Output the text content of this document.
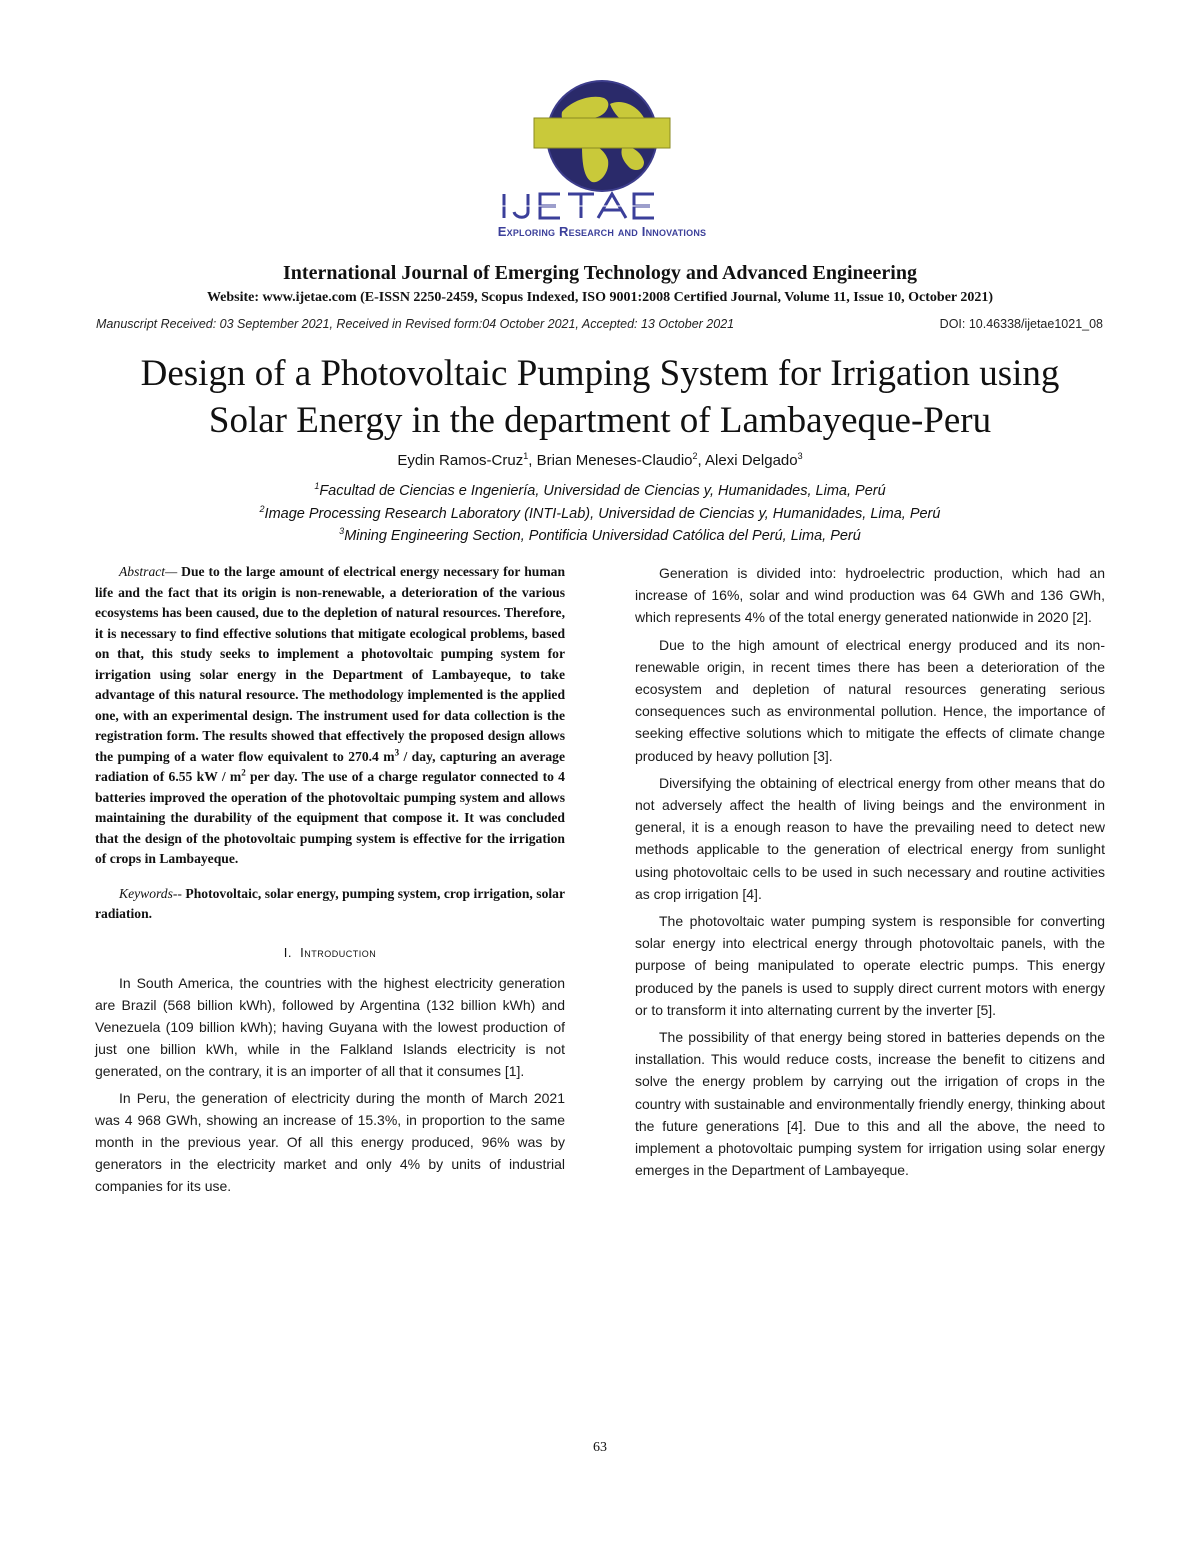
Exploring Research and Innovations
International Journal of Emerging Technology and Advanced Engineering
Website: www.ijetae.com (E-ISSN 2250-2459, Scopus Indexed, ISO 9001:2008 Certified Journal, Volume 11, Issue 10, October 2021)
Manuscript Received: 03 September 2021, Received in Revised form:04 October 2021, Accepted: 13 October 2021	DOI: 10.46338/ijetae1021_08
Design of a Photovoltaic Pumping System for Irrigation using
Solar Energy in the department of Lambayeque-Peru
Eydin Ramos-Cruz$^1$, Brian Meneses-Claudio$^2$, Alexi Delgado$^3$
$^1$Facultad de Ciencias e Ingeniería, Universidad de Ciencias y, Humanidades, Lima, Perú
$^2$Image Processing Research Laboratory (INTI-Lab), Universidad de Ciencias y, Humanidades, Lima, Perú
$^3$Mining Engineering Section, Pontificia Universidad Católica del Perú, Lima, Perú

Abstract— Due to the large amount of electrical energy necessary for human life and the fact that its origin is non-renewable, a deterioration of the various ecosystems has been caused, due to the depletion of natural resources. Therefore, it is necessary to find effective solutions that mitigate ecological problems, based on that, this study seeks to implement a photovoltaic pumping system for irrigation using solar energy in the Department of Lambayeque, to take advantage of this natural resource. The methodology implemented is the applied one, with an experimental design. The instrument used for data collection is the registration form. The results showed that effectively the proposed design allows the pumping of a water flow equivalent to 270.4 $m^3$ / day, capturing an average radiation of 6.55 kW / $m^2$ per day. The use of a charge regulator connected to 4 batteries improved the operation of the photovoltaic pumping system and allows maintaining the durability of the equipment that compose it. It was concluded that the design of the photovoltaic pumping system is effective for the irrigation of crops in Lambayeque.

Keywords-- Photovoltaic, solar energy, pumping system, crop irrigation, solar radiation.

I. Introduction

In South America, the countries with the highest electricity generation are Brazil (568 billion kWh), followed by Argentina (132 billion kWh) and Venezuela (109 billion kWh); having Guyana with the lowest production of just one billion kWh, while in the Falkland Islands electricity is not generated, on the contrary, it is an importer of all that it consumes [1].

In Peru, the generation of electricity during the month of March 2021 was 4 968 GWh, showing an increase of 15.3%, in proportion to the same month in the previous year. Of all this energy produced, 96% was by generators in the electricity market and only 4% by units of industrial companies for its use.

Generation is divided into: hydroelectric production, which had an increase of 16%, solar and wind production was 64 GWh and 136 GWh, which represents 4% of the total energy generated nationwide in 2020 [2].

Due to the high amount of electrical energy produced and its non-renewable origin, in recent times there has been a deterioration of the ecosystem and depletion of natural resources generating serious consequences such as environmental pollution. Hence, the importance of seeking effective solutions which to mitigate the effects of climate change produced by heavy pollution [3].

Diversifying the obtaining of electrical energy from other means that do not adversely affect the health of living beings and the environment in general, it is a enough reason to have the prevailing need to detect new methods applicable to the generation of electrical energy from sunlight using photovoltaic cells to be used in such necessary and routine activities as crop irrigation [4].

The photovoltaic water pumping system is responsible for converting solar energy into electrical energy through photovoltaic panels, with the purpose of being manipulated to operate electric pumps. This energy produced by the panels is used to supply direct current motors with energy or to transform it into alternating current by the inverter [5].

The possibility of that energy being stored in batteries depends on the installation. This would reduce costs, increase the benefit to citizens and solve the energy problem by carrying out the irrigation of crops in the country with sustainable and environmentally friendly energy, thinking about the future generations [4]. Due to this and all the above, the need to implement a photovoltaic pumping system for irrigation using solar energy emerges in the Department of Lambayeque.

63
